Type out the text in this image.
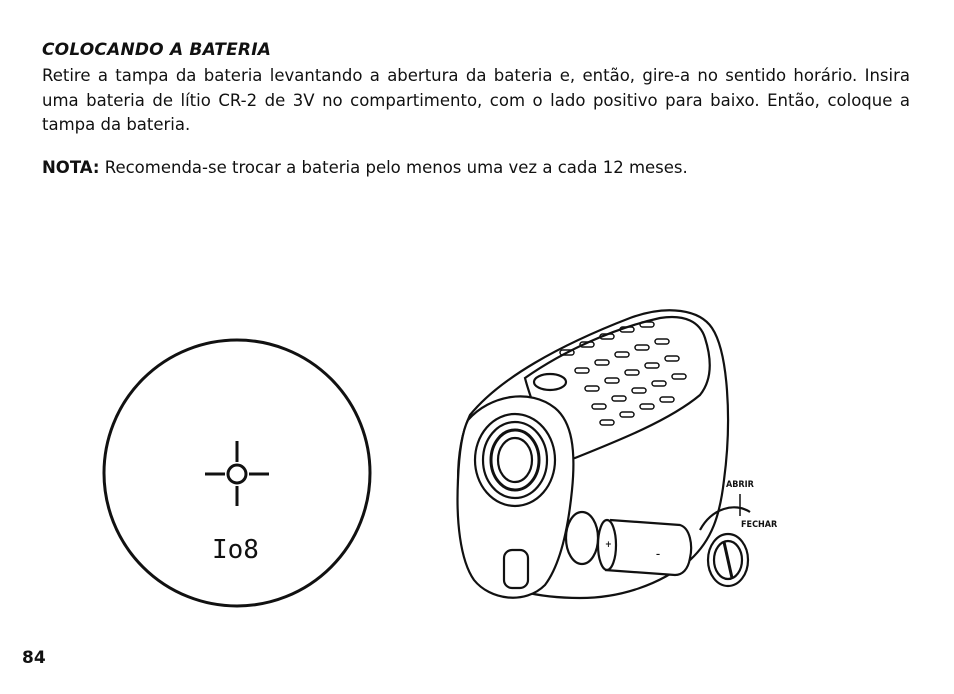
COLOCANDO A BATERIA

Retire a tampa da bateria levantando a abertura da bateria e, então, gire-a no sentido horário. Insira uma bateria de lítio CR-2 de 3V no compartimento, com o lado positivo para baixo. Então, coloque a tampa da bateria.

NOTA: Recomenda-se trocar a bateria pelo menos uma vez a cada 12 meses.

Io8
ABRIR
FECHAR
+
–
84
